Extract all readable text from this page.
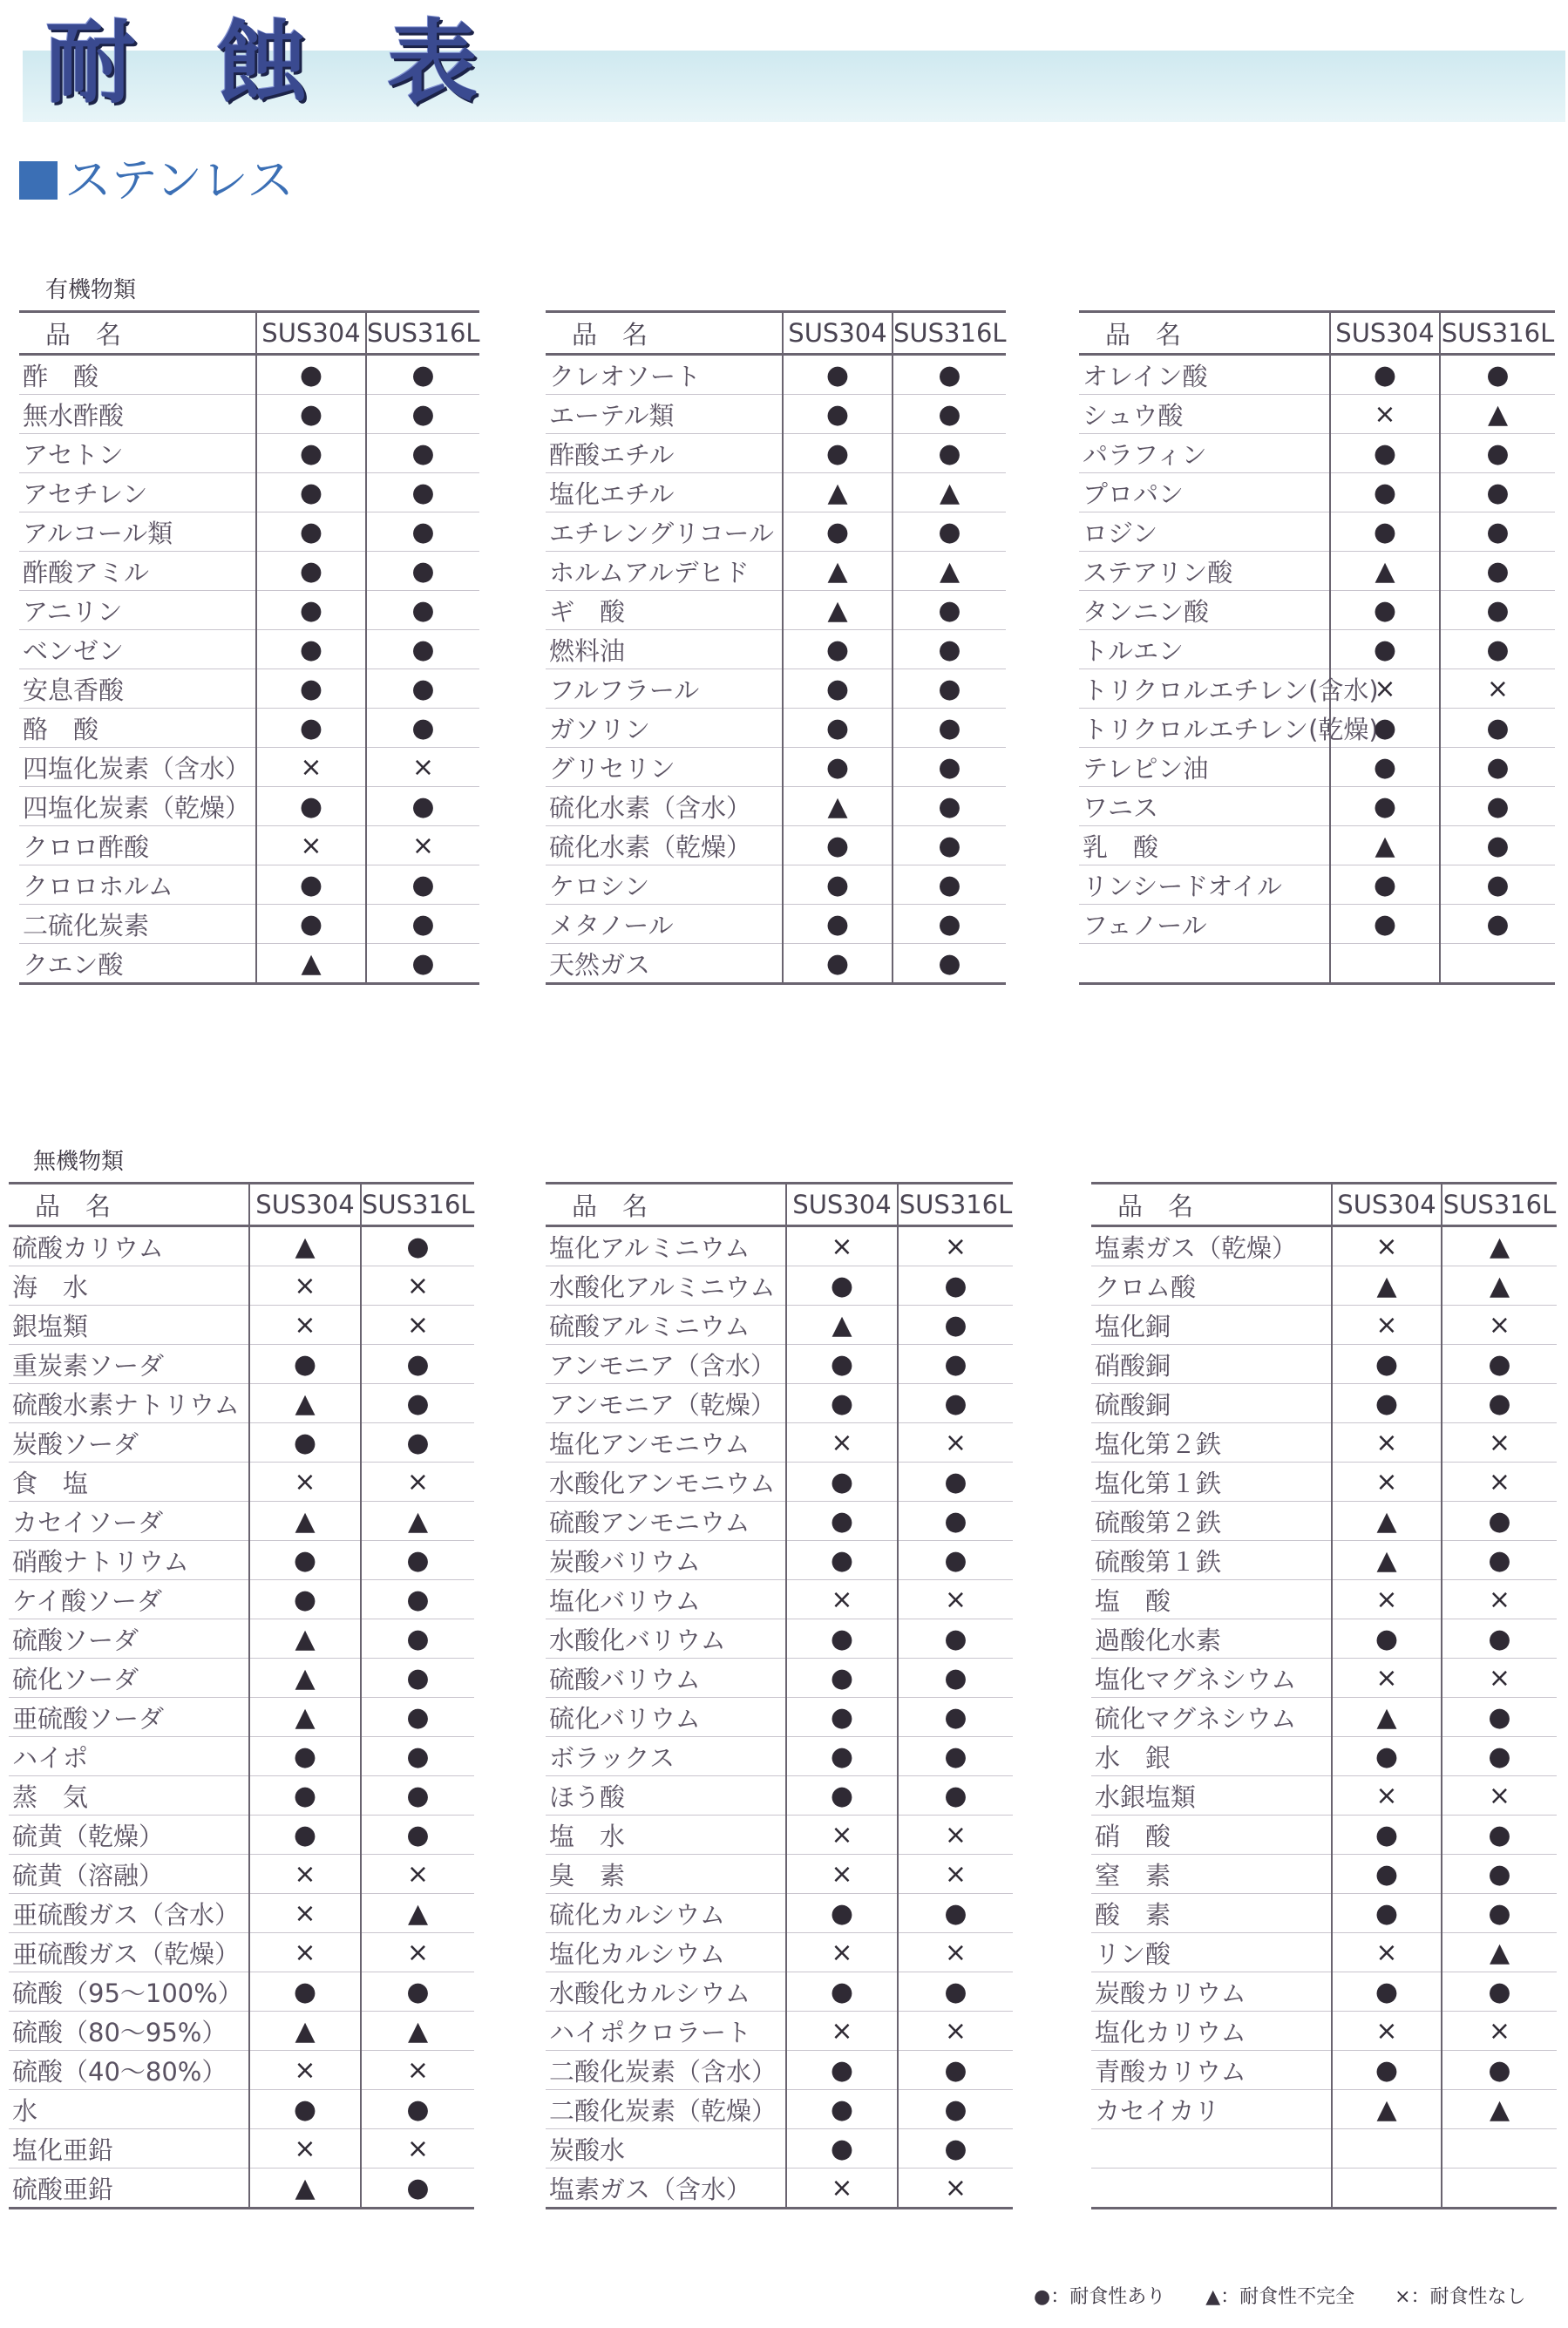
耐 蝕 表
ステンレス
有機物類
無機物類
品　名	SUS304	SUS316L
酢　酸	●	●
無水酢酸	●	●
アセトン	●	●
アセチレン	●	●
アルコール類	●	●
酢酸アミル	●	●
アニリン	●	●
ベンゼン	●	●
安息香酸	●	●
酪　酸	●	●
四塩化炭素（含水）	×	×
四塩化炭素（乾燥）	●	●
クロロ酢酸	×	×
クロロホルム	●	●
二硫化炭素	●	●
クエン酸	▲	●
品　名	SUS304	SUS316L
クレオソート	●	●
エーテル類	●	●
酢酸エチル	●	●
塩化エチル	▲	▲
エチレングリコール	●	●
ホルムアルデヒド	▲	▲
ギ　酸	▲	●
燃料油	●	●
フルフラール	●	●
ガソリン	●	●
グリセリン	●	●
硫化水素（含水）	▲	●
硫化水素（乾燥）	●	●
ケロシン	●	●
メタノール	●	●
天然ガス	●	●
品　名	SUS304	SUS316L
オレイン酸	●	●
シュウ酸	×	▲
パラフィン	●	●
プロパン	●	●
ロジン	●	●
ステアリン酸	▲	●
タンニン酸	●	●
トルエン	●	●
トリクロルエチレン(含水)	×	×
トリクロルエチレン(乾燥)	●	●
テレピン油	●	●
ワニス	●	●
乳　酸	▲	●
リンシードオイル	●	●
フェノール	●	●

品　名	SUS304	SUS316L
硫酸カリウム	▲	●
海　水	×	×
銀塩類	×	×
重炭素ソーダ	●	●
硫酸水素ナトリウム	▲	●
炭酸ソーダ	●	●
食　塩	×	×
カセイソーダ	▲	▲
硝酸ナトリウム	●	●
ケイ酸ソーダ	●	●
硫酸ソーダ	▲	●
硫化ソーダ	▲	●
亜硫酸ソーダ	▲	●
ハイポ	●	●
蒸　気	●	●
硫黄（乾燥）	●	●
硫黄（溶融）	×	×
亜硫酸ガス（含水）	×	▲
亜硫酸ガス（乾燥）	×	×
硫酸（95〜100%）	●	●
硫酸（80〜95%）	▲	▲
硫酸（40〜80%）	×	×
水	●	●
塩化亜鉛	×	×
硫酸亜鉛	▲	●
品　名	SUS304	SUS316L
塩化アルミニウム	×	×
水酸化アルミニウム	●	●
硫酸アルミニウム	▲	●
アンモニア（含水）	●	●
アンモニア（乾燥）	●	●
塩化アンモニウム	×	×
水酸化アンモニウム	●	●
硫酸アンモニウム	●	●
炭酸バリウム	●	●
塩化バリウム	×	×
水酸化バリウム	●	●
硫酸バリウム	●	●
硫化バリウム	●	●
ボラックス	●	●
ほう酸	●	●
塩　水	×	×
臭　素	×	×
硫化カルシウム	●	●
塩化カルシウム	×	×
水酸化カルシウム	●	●
ハイポクロラート	×	×
二酸化炭素（含水）	●	●
二酸化炭素（乾燥）	●	●
炭酸水	●	●
塩素ガス（含水）	×	×
品　名	SUS304	SUS316L
塩素ガス（乾燥）	×	▲
クロム酸	▲	▲
塩化銅	×	×
硝酸銅	●	●
硫酸銅	●	●
塩化第２鉄	×	×
塩化第１鉄	×	×
硫酸第２鉄	▲	●
硫酸第１鉄	▲	●
塩　酸	×	×
過酸化水素	●	●
塩化マグネシウム	×	×
硫化マグネシウム	▲	●
水　銀	●	●
水銀塩類	×	×
硝　酸	●	●
窒　素	●	●
酸　素	●	●
リン酸	×	▲
炭酸カリウム	●	●
塩化カリウム	×	×
青酸カリウム	●	●
カセイカリ	▲	▲

●：耐食性あり ▲：耐食性不完全 ×：耐食性なし
